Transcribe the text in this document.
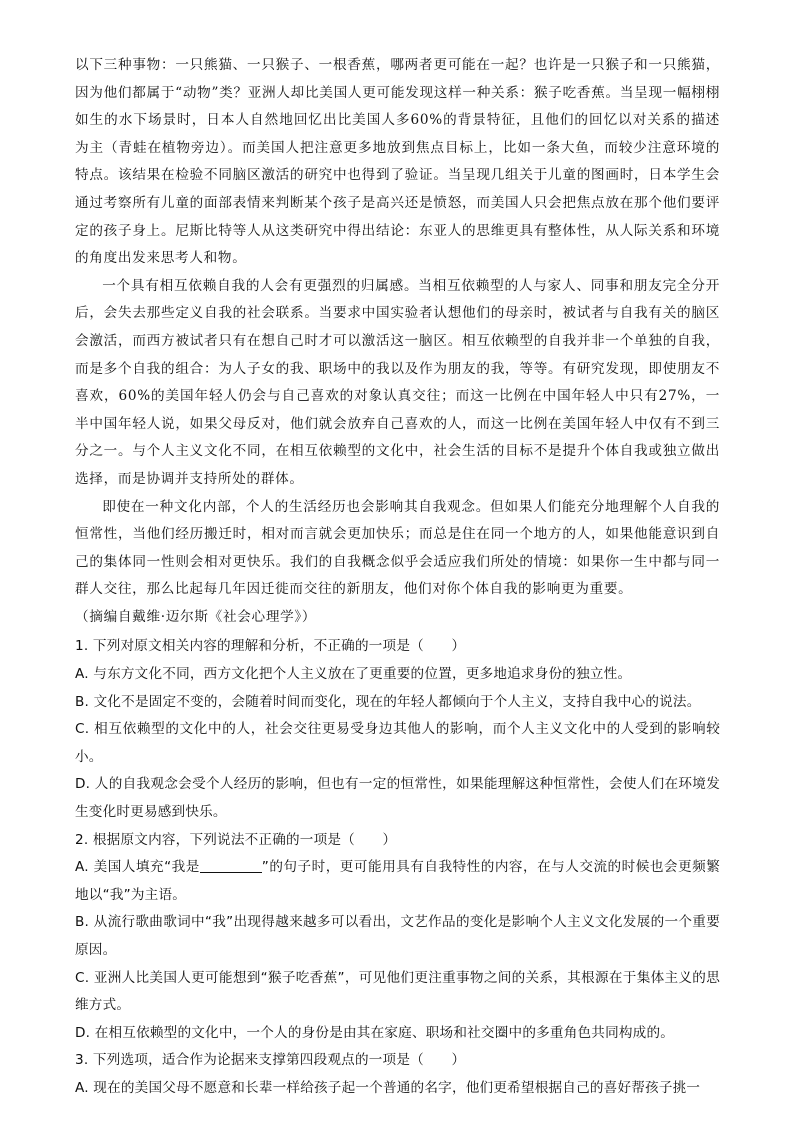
以下三种事物：一只熊猫、一只猴子、一根香蕉，哪两者更可能在一起？也许是一只猴子和一只熊猫，因为他们都属于“动物”类？亚洲人却比美国人更可能发现这样一种关系：猴子吃香蕉。当呈现一幅栩栩如生的水下场景时，日本人自然地回忆出比美国人多60%的背景特征，且他们的回忆以对关系的描述为主（青蛙在植物旁边）。而美国人把注意更多地放到焦点目标上，比如一条大鱼，而较少注意环境的特点。该结果在检验不同脑区激活的研究中也得到了验证。当呈现几组关于儿童的图画时，日本学生会通过考察所有儿童的面部表情来判断某个孩子是高兴还是愤怒，而美国人只会把焦点放在那个他们要评定的孩子身上。尼斯比特等人从这类研究中得出结论：东亚人的思维更具有整体性，从人际关系和环境的角度出发来思考人和物。

一个具有相互依赖自我的人会有更强烈的归属感。当相互依赖型的人与家人、同事和朋友完全分开后，会失去那些定义自我的社会联系。当要求中国实验者认想他们的母亲时，被试者与自我有关的脑区会激活，而西方被试者只有在想自己时才可以激活这一脑区。相互依赖型的自我并非一个单独的自我，而是多个自我的组合：为人子女的我、职场中的我以及作为朋友的我，等等。有研究发现，即使朋友不喜欢，60%的美国年轻人仍会与自己喜欢的对象认真交往；而这一比例在中国年轻人中只有27%，一半中国年轻人说，如果父母反对，他们就会放弃自己喜欢的人，而这一比例在美国年轻人中仅有不到三分之一。与个人主义文化不同，在相互依赖型的文化中，社会生活的目标不是提升个体自我或独立做出选择，而是协调并支持所处的群体。

即使在一种文化内部，个人的生活经历也会影响其自我观念。但如果人们能充分地理解个人自我的恒常性，当他们经历搬迁时，相对而言就会更加快乐；而总是住在同一个地方的人，如果他能意识到自己的集体同一性则会相对更快乐。我们的自我概念似乎会适应我们所处的情境：如果你一生中都与同一群人交往，那么比起每几年因迁徙而交往的新朋友，他们对你个体自我的影响更为重要。

（摘编自戴维·迈尔斯《社会心理学》）

1. 下列对原文相关内容的理解和分析，不正确的一项是（　　）

A. 与东方文化不同，西方文化把个人主义放在了更重要的位置，更多地追求身份的独立性。

B. 文化不是固定不变的，会随着时间而变化，现在的年轻人都倾向于个人主义，支持自我中心的说法。

C. 相互依赖型的文化中的人，社会交往更易受身边其他人的影响，而个人主义文化中的人受到的影响较小。

D. 人的自我观念会受个人经历的影响，但也有一定的恒常性，如果能理解这种恒常性，会使人们在环境发生变化时更易感到快乐。

2. 根据原文内容，下列说法不正确的一项是（　　）

A. 美国人填充“我是	”的句子时，更可能用具有自我特性的内容，在与人交流的时候也会更频繁地以“我”为主语。

B. 从流行歌曲歌词中“我”出现得越来越多可以看出，文艺作品的变化是影响个人主义文化发展的一个重要原因。

C. 亚洲人比美国人更可能想到“猴子吃香蕉”，可见他们更注重事物之间的关系，其根源在于集体主义的思维方式。

D. 在相互依赖型的文化中，一个人的身份是由其在家庭、职场和社交圈中的多重角色共同构成的。

3. 下列选项，适合作为论据来支撑第四段观点的一项是（　　）

A. 现在的美国父母不愿意和长辈一样给孩子起一个普通的名字，他们更希望根据自己的喜好帮孩子挑一
